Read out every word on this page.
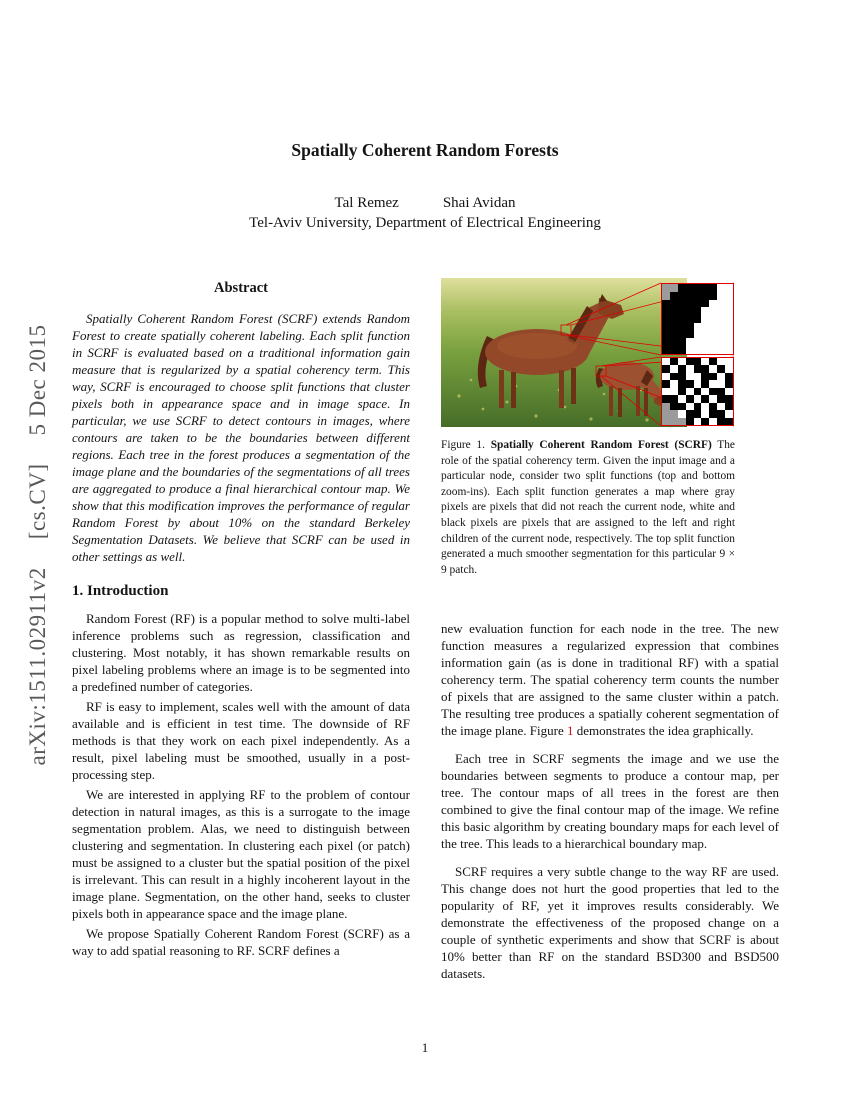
arXiv:1511.02911v2
[cs.CV]
5 Dec 2015
Spatially Coherent Random Forests
Tal Remez	Shai Avidan
Tel-Aviv University, Department of Electrical Engineering
Abstract

Spatially Coherent Random Forest (SCRF) extends Random Forest to create spatially coherent labeling. Each split function in SCRF is evaluated based on a traditional information gain measure that is regularized by a spatial coherency term. This way, SCRF is encouraged to choose split functions that cluster pixels both in appearance space and in image space. In particular, we use SCRF to detect contours in images, where contours are taken to be the boundaries between different regions. Each tree in the forest produces a segmentation of the image plane and the boundaries of the segmentations of all trees are aggregated to produce a final hierarchical contour map. We show that this modification improves the performance of regular Random Forest by about 10% on the standard Berkeley Segmentation Datasets. We believe that SCRF can be used in other settings as well.

1. Introduction

Random Forest (RF) is a popular method to solve multi-label inference problems such as regression, classification and clustering. Most notably, it has shown remarkable results on pixel labeling problems where an image is to be segmented into a predefined number of categories.

RF is easy to implement, scales well with the amount of data available and is efficient in test time. The downside of RF methods is that they work on each pixel independently. As a result, pixel labeling must be smoothed, usually in a post-processing step.

We are interested in applying RF to the problem of contour detection in natural images, as this is a surrogate to the image segmentation problem. Alas, we need to distinguish between clustering and segmentation. In clustering each pixel (or patch) must be assigned to a cluster but the spatial position of the pixel is irrelevant. This can result in a highly incoherent layout in the image plane. Segmentation, on the other hand, seeks to cluster pixels both in appearance space and the image plane.

We propose Spatially Coherent Random Forest (SCRF) as a way to add spatial reasoning to RF. SCRF defines a

Figure 1. Spatially Coherent Random Forest (SCRF) The role of the spatial coherency term. Given the input image and a particular node, consider two split functions (top and bottom zoom-ins). Each split function generates a map where gray pixels are pixels that did not reach the current node, white and black pixels are pixels that are assigned to the left and right children of the current node, respectively. The top split function generated a much smoother segmentation for this particular 9 × 9 patch.

new evaluation function for each node in the tree. The new function measures a regularized expression that combines information gain (as is done in traditional RF) with a spatial coherency term. The spatial coherency term counts the number of pixels that are assigned to the same cluster within a patch. The resulting tree produces a spatially coherent segmentation of the image plane. Figure 1 demonstrates the idea graphically.

Each tree in SCRF segments the image and we use the boundaries between segments to produce a contour map, per tree. The contour maps of all trees in the forest are then combined to give the final contour map of the image. We refine this basic algorithm by creating boundary maps for each level of the tree. This leads to a hierarchical boundary map.

SCRF requires a very subtle change to the way RF are used. This change does not hurt the good properties that led to the popularity of RF, yet it improves results considerably. We demonstrate the effectiveness of the proposed change on a couple of synthetic experiments and show that SCRF is about 10% better than RF on the standard BSD300 and BSD500 datasets.

1
